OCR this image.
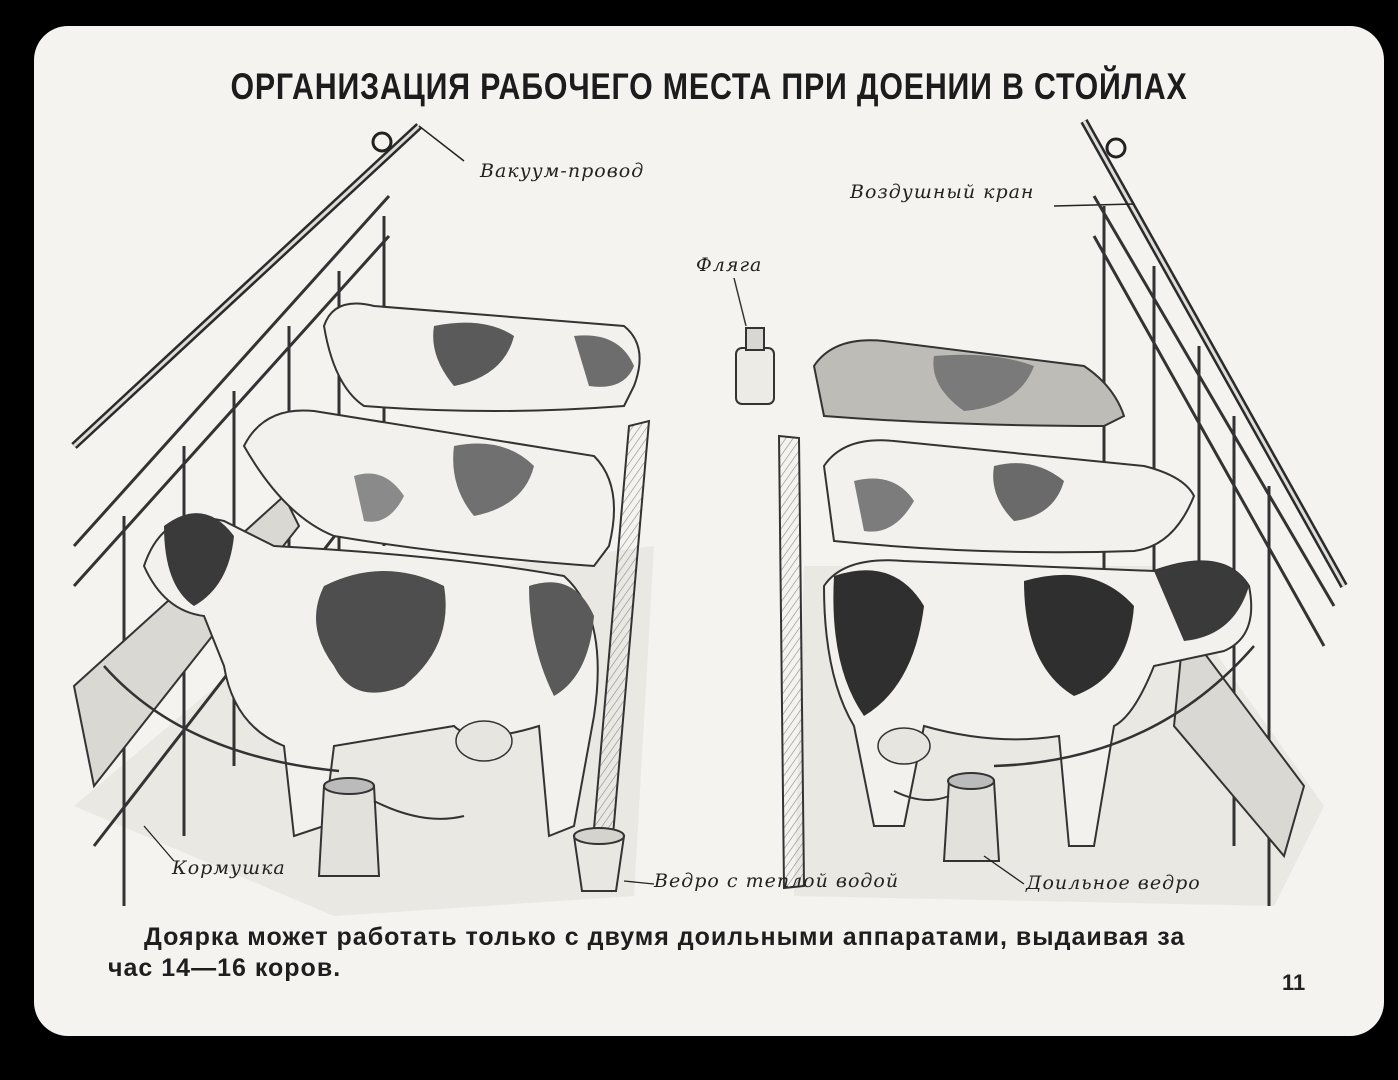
ОРГАНИЗАЦИЯ РАБОЧЕГО МЕСТА ПРИ ДОЕНИИ В СТОЙЛАХ
Вакуум-провод
Воздушный кран
Фляга
Кормушка
Ведро с теплой водой	Доильное ведро

Доярка может работать только с двумя доильными аппаратами, выдаивая за
час 14—16 коров.

11
